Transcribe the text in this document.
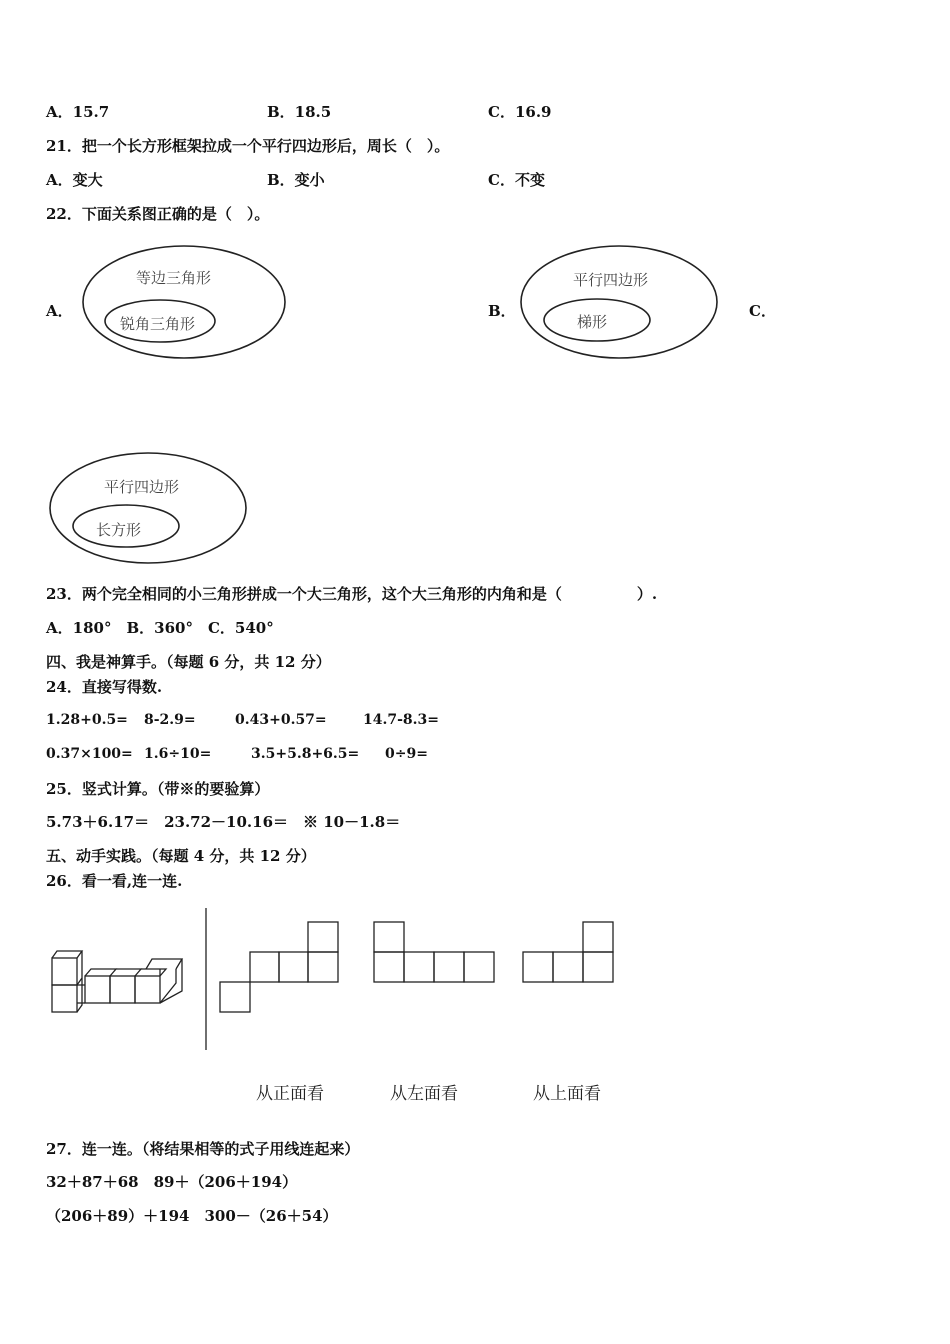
A．15.7	B．18.5	C．16.9
21．把一个长方形框架拉成一个平行四边形后，周长（　）。
A．变大	B．变小	C．不变
22．下面关系图正确的是（　）。
A．
等边三角形
锐角三角形
B．
平行四边形
梯形
C．
平行四边形
长方形
23．两个完全相同的小三角形拼成一个大三角形，这个大三角形的内角和是（　　　　　）.
A．180°　B．360°　C．540°
四、我是神算手。（每题 6 分，共 12 分）
24．直接写得数.
1.28+0.5= 8-2.9=	0.43+0.57=	14.7-8.3=
0.37×100= 1.6÷10=	3.5+5.8+6.5= 0÷9=
25．竖式计算。（带※的要验算）
5.73＋6.17＝　23.72－10.16＝　※ 10－1.8＝
五、动手实践。（每题 4 分，共 12 分）
26．看一看,连一连.
从正面看	从左面看	从上面看
27．连一连。（将结果相等的式子用线连起来）
32＋87＋68　89＋（206＋194）
（206＋89）＋194　300－（26＋54）
